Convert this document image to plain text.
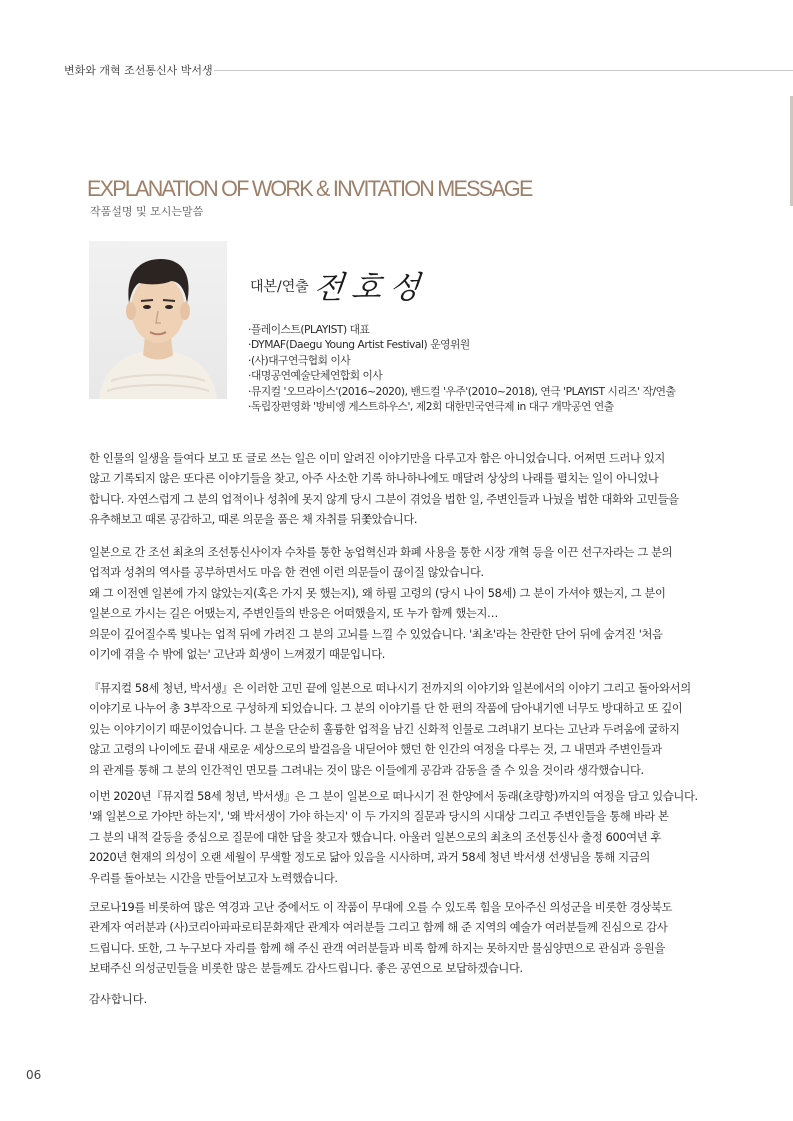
변화와 개혁 조선통신사 박서생
EXPLANATION OF WORK & INVITATION MESSAGE
작품설명 및 모시는말씀
대본/연출 전호성
·플레이스트(PLAYIST) 대표
·DYMAF(Daegu Young Artist Festival) 운영위원
·(사)대구연극협회 이사
·대명공연예술단체연합회 이사
·뮤지컬 '오므라이스'(2016~2020), 밴드컬 '우주'(2010~2018), 연극 'PLAYIST 시리즈' 작/연출
·독립장편영화 '방비엥 게스트하우스', 제2회 대한민국연극제 in 대구 개막공연 연출

한 인물의 일생을 들여다 보고 또 글로 쓰는 일은 이미 알려진 이야기만을 다루고자 함은 아니었습니다. 어쩌면 드러나 있지
않고 기록되지 않은 또다른 이야기들을 찾고, 아주 사소한 기록 하나하나에도 매달려 상상의 나래를 펼치는 일이 아니었나
합니다. 자연스럽게 그 분의 업적이나 성취에 못지 않게 당시 그분이 겪었을 법한 일, 주변인들과 나눴을 법한 대화와 고민들을
유추해보고 때론 공감하고, 때론 의문을 품은 채 자취를 뒤쫓았습니다.

일본으로 간 조선 최초의 조선통신사이자 수차를 통한 농업혁신과 화폐 사용을 통한 시장 개혁 등을 이끈 선구자라는 그 분의
업적과 성취의 역사를 공부하면서도 마음 한 켠엔 이런 의문들이 끊이질 않았습니다.
왜 그 이전엔 일본에 가지 않았는지(혹은 가지 못 했는지), 왜 하필 고령의 (당시 나이 58세) 그 분이 가셔야 했는지, 그 분이
일본으로 가시는 길은 어땠는지, 주변인들의 반응은 어떠했을지, 또 누가 함께 했는지…
의문이 깊어질수록 빛나는 업적 뒤에 가려진 그 분의 고뇌를 느낄 수 있었습니다. '최초'라는 찬란한 단어 뒤에 숨겨진 '처음
이기에 겪을 수 밖에 없는' 고난과 희생이 느껴졌기 때문입니다.

『뮤지컬 58세 청년, 박서생』은 이러한 고민 끝에 일본으로 떠나시기 전까지의 이야기와 일본에서의 이야기 그리고 돌아와서의
이야기로 나누어 총 3부작으로 구성하게 되었습니다. 그 분의 이야기를 단 한 편의 작품에 담아내기엔 너무도 방대하고 또 깊이
있는 이야기이기 때문이었습니다. 그 분을 단순히 훌륭한 업적을 남긴 신화적 인물로 그려내기 보다는 고난과 두려움에 굴하지
않고 고령의 나이에도 끝내 새로운 세상으로의 발걸음을 내딛어야 했던 한 인간의 여정을 다루는 것, 그 내면과 주변인들과
의 관계를 통해 그 분의 인간적인 면모를 그려내는 것이 많은 이들에게 공감과 감동을 줄 수 있을 것이라 생각했습니다.

이번 2020년『뮤지컬 58세 청년, 박서생』은 그 분이 일본으로 떠나시기 전 한양에서 동래(초량항)까지의 여정을 담고 있습니다.
'왜 일본으로 가야만 하는지', '왜 박서생이 가야 하는지' 이 두 가지의 질문과 당시의 시대상 그리고 주변인들을 통해 바라 본
그 분의 내적 갈등을 중심으로 질문에 대한 답을 찾고자 했습니다. 아울러 일본으로의 최초의 조선통신사 출정 600여년 후
2020년 현재의 의성이 오랜 세월이 무색할 정도로 닮아 있음을 시사하며, 과거 58세 청년 박서생 선생님을 통해 지금의
우리를 돌아보는 시간을 만들어보고자 노력했습니다.

코로나19를 비롯하여 많은 역경과 고난 중에서도 이 작품이 무대에 오를 수 있도록 힘을 모아주신 의성군을 비롯한 경상북도
관계자 여러분과 (사)코리아파파로티문화재단 관계자 여러분들 그리고 함께 해 준 지역의 예술가 여러분들께 진심으로 감사
드립니다. 또한, 그 누구보다 자리를 함께 해 주신 관객 여러분들과 비록 함께 하지는 못하지만 물심양면으로 관심과 응원을
보태주신 의성군민들을 비롯한 많은 분들께도 감사드립니다. 좋은 공연으로 보답하겠습니다.

감사합니다.
06
